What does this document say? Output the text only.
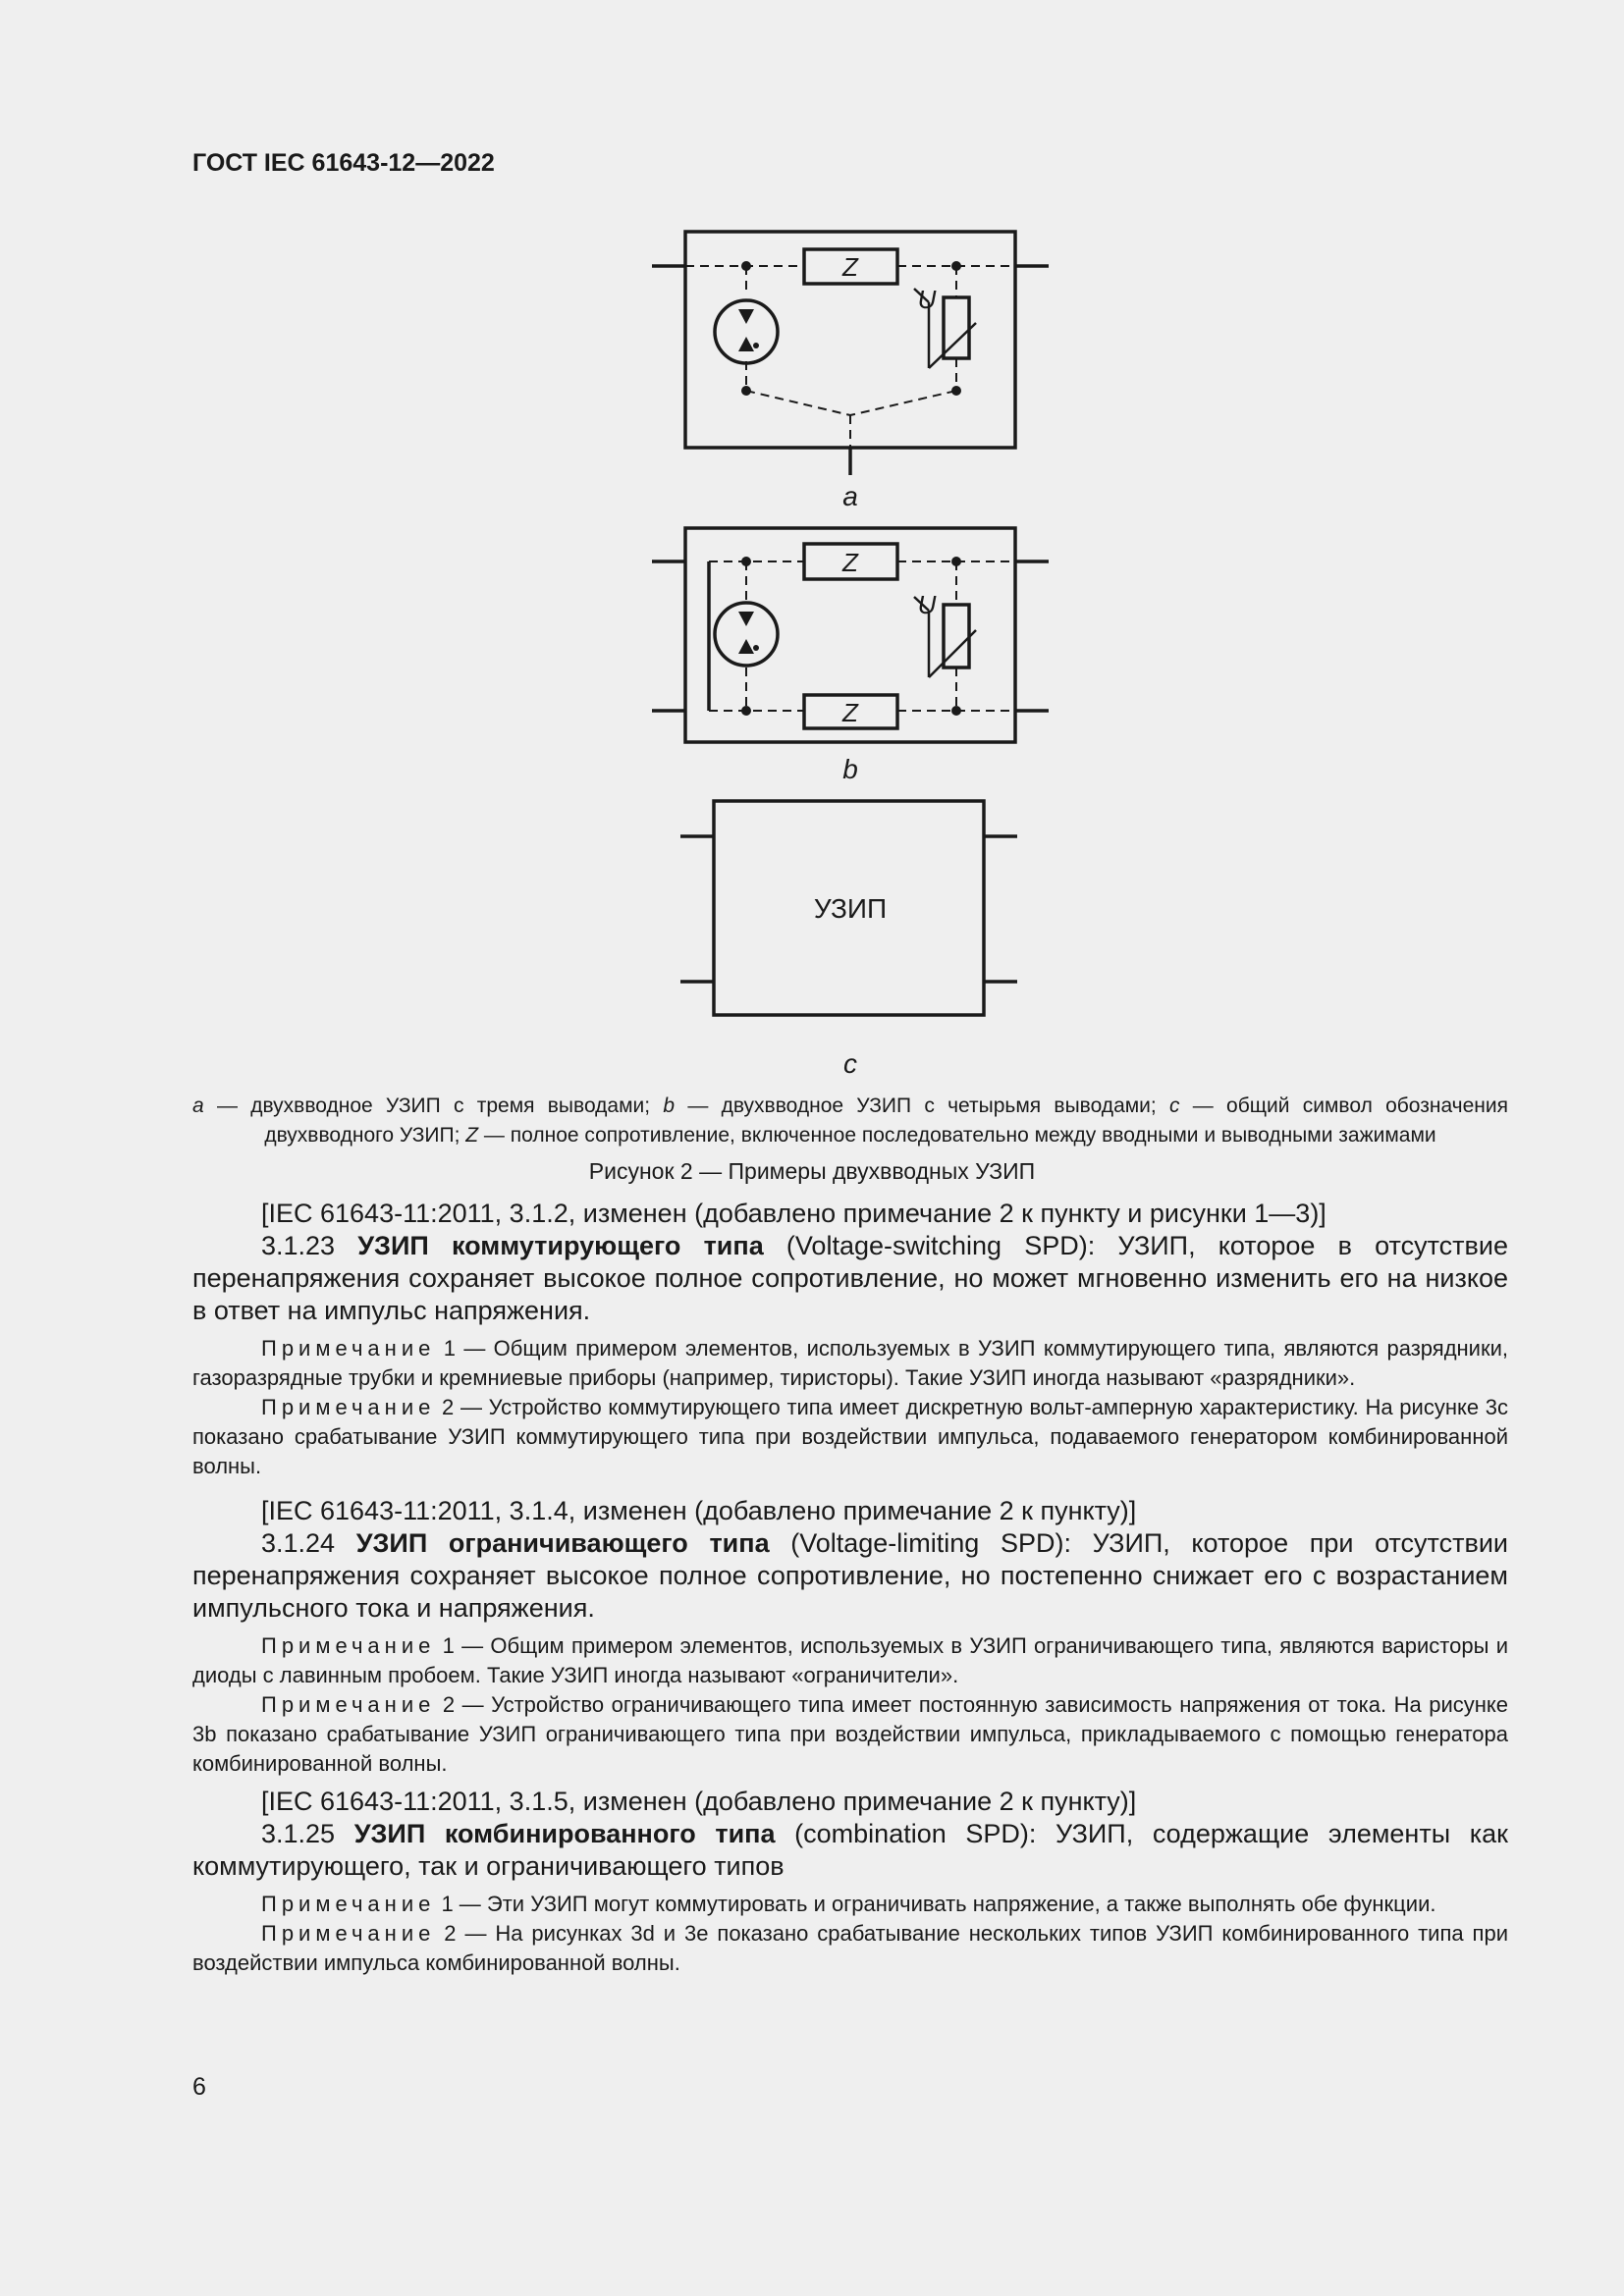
ГОСТ IEC 61643-12—2022
Z
U
Z
Z
U
УЗИП
a
b
c
a — двухвводное УЗИП с тремя выводами; b — двухвводное УЗИП с четырьмя выводами; c — общий символ обозначения
двухвводного УЗИП; Z — полное сопротивление, включенное последовательно между вводными и выводными зажимами
Рисунок 2 — Примеры двухвводных УЗИП
[IEC 61643-11:2011, 3.1.2, изменен (добавлено примечание 2 к пункту и рисунки 1—3)]
3.1.23 УЗИП коммутирующего типа (Voltage-switching SPD): УЗИП, которое в отсутствие перенапряжения сохраняет высокое полное сопротивление, но может мгновенно изменить его на низкое в ответ на импульс напряжения.
Примечание 1 — Общим примером элементов, используемых в УЗИП коммутирующего типа, являются разрядники, газоразрядные трубки и кремниевые приборы (например, тиристоры). Такие УЗИП иногда называют «разрядники».
Примечание 2 — Устройство коммутирующего типа имеет дискретную вольт-амперную характеристику. На рисунке 3с показано срабатывание УЗИП коммутирующего типа при воздействии импульса, подаваемого генератором комбинированной волны.
[IEC 61643-11:2011, 3.1.4, изменен (добавлено примечание 2 к пункту)]
3.1.24 УЗИП ограничивающего типа (Voltage-limiting SPD): УЗИП, которое при отсутствии перенапряжения сохраняет высокое полное сопротивление, но постепенно снижает его с возрастанием импульсного тока и напряжения.
Примечание 1 — Общим примером элементов, используемых в УЗИП ограничивающего типа, являются варисторы и диоды с лавинным пробоем. Такие УЗИП иногда называют «ограничители».
Примечание 2 — Устройство ограничивающего типа имеет постоянную зависимость напряжения от тока. На рисунке 3b показано срабатывание УЗИП ограничивающего типа при воздействии импульса, прикладываемого с помощью генератора комбинированной волны.
[IEC 61643-11:2011, 3.1.5, изменен (добавлено примечание 2 к пункту)]
3.1.25 УЗИП комбинированного типа (combination SPD): УЗИП, содержащие элементы как коммутирующего, так и ограничивающего типов
Примечание 1 — Эти УЗИП могут коммутировать и ограничивать напряжение, а также выполнять обе функции.
Примечание 2 — На рисунках 3d и 3e показано срабатывание нескольких типов УЗИП комбинированного типа при воздействии импульса комбинированной волны.
6
